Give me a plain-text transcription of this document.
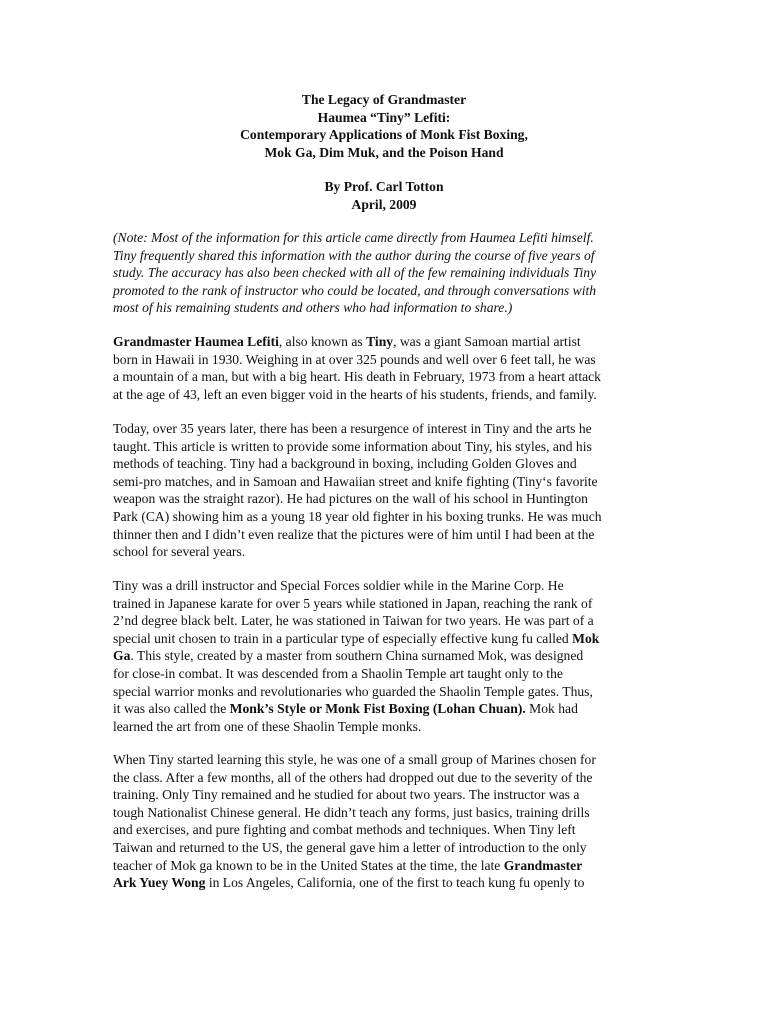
The Legacy of Grandmaster
Haumea “Tiny” Lefiti:
Contemporary Applications of Monk Fist Boxing,
Mok Ga, Dim Muk, and the Poison Hand
By Prof. Carl Totton
April, 2009
(Note: Most of the information for this article came directly from Haumea Lefiti himself.
Tiny frequently shared this information with the author during the course of five years of
study. The accuracy has also been checked with all of the few remaining individuals Tiny
promoted to the rank of instructor who could be located, and through conversations with
most of his remaining students and others who had information to share.)
Grandmaster Haumea Lefiti, also known as Tiny, was a giant Samoan martial artist
born in Hawaii in 1930. Weighing in at over 325 pounds and well over 6 feet tall, he was
a mountain of a man, but with a big heart. His death in February, 1973 from a heart attack
at the age of 43, left an even bigger void in the hearts of his students, friends, and family.
Today, over 35 years later, there has been a resurgence of interest in Tiny and the arts he
taught. This article is written to provide some information about Tiny, his styles, and his
methods of teaching. Tiny had a background in boxing, including Golden Gloves and
semi-pro matches, and in Samoan and Hawaiian street and knife fighting (Tiny‘s favorite
weapon was the straight razor). He had pictures on the wall of his school in Huntington
Park (CA) showing him as a young 18 year old fighter in his boxing trunks. He was much
thinner then and I didn’t even realize that the pictures were of him until I had been at the
school for several years.
Tiny was a drill instructor and Special Forces soldier while in the Marine Corp. He
trained in Japanese karate for over 5 years while stationed in Japan, reaching the rank of
2’nd degree black belt. Later, he was stationed in Taiwan for two years. He was part of a
special unit chosen to train in a particular type of especially effective kung fu called Mok
Ga. This style, created by a master from southern China surnamed Mok, was designed
for close-in combat. It was descended from a Shaolin Temple art taught only to the
special warrior monks and revolutionaries who guarded the Shaolin Temple gates. Thus,
it was also called the Monk’s Style or Monk Fist Boxing (Lohan Chuan). Mok had
learned the art from one of these Shaolin Temple monks.
When Tiny started learning this style, he was one of a small group of Marines chosen for
the class. After a few months, all of the others had dropped out due to the severity of the
training. Only Tiny remained and he studied for about two years. The instructor was a
tough Nationalist Chinese general. He didn’t teach any forms, just basics, training drills
and exercises, and pure fighting and combat methods and techniques. When Tiny left
Taiwan and returned to the US, the general gave him a letter of introduction to the only
teacher of Mok ga known to be in the United States at the time, the late Grandmaster
Ark Yuey Wong in Los Angeles, California, one of the first to teach kung fu openly to
